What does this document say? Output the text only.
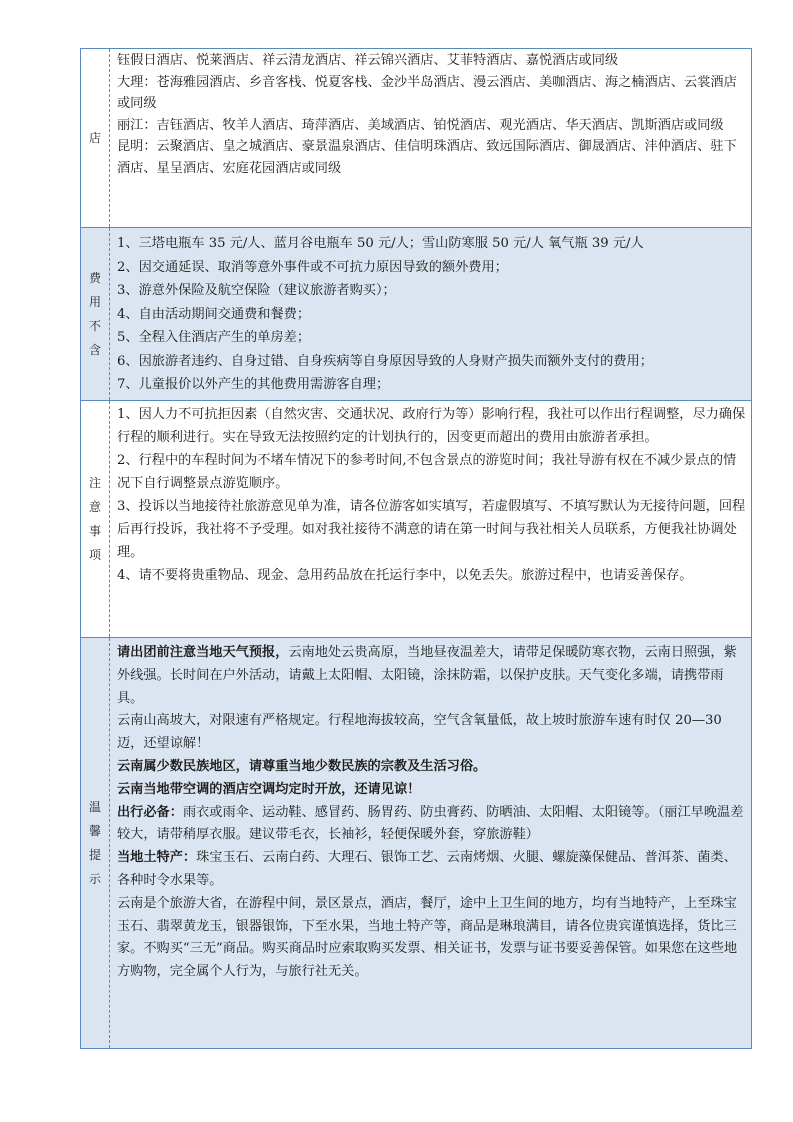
店

钰假日酒店、悦莱酒店、祥云清龙酒店、祥云锦兴酒店、艾菲特酒店、嘉悦酒店或同级

大理：苍海雅园酒店、乡音客栈、悦夏客栈、金沙半岛酒店、漫云酒店、美咖酒店、海之楠酒店、云裳酒店或同级

丽江：吉钰酒店、牧羊人酒店、琦萍酒店、美域酒店、铂悦酒店、观光酒店、华天酒店、凯斯酒店或同级

昆明：云聚酒店、皇之城酒店、豪景温泉酒店、佳信明珠酒店、致远国际酒店、御晟酒店、沣仲酒店、驻下酒店、星呈酒店、宏庭花园酒店或同级

费
用
不
含

1、三塔电瓶车 35 元/人、蓝月谷电瓶车 50 元/人；雪山防寒服 50 元/人 氧气瓶 39 元/人

2、因交通延误、取消等意外事件或不可抗力原因导致的额外费用；

3、游意外保险及航空保险（建议旅游者购买）；

4、自由活动期间交通费和餐费；

5、全程入住酒店产生的单房差；

6、因旅游者违约、自身过错、自身疾病等自身原因导致的人身财产损失而额外支付的费用；

7、儿童报价以外产生的其他费用需游客自理；

注
意
事
项

1、因人力不可抗拒因素（自然灾害、交通状况、政府行为等）影响行程，我社可以作出行程调整，尽力确保行程的顺利进行。实在导致无法按照约定的计划执行的，因变更而超出的费用由旅游者承担。

2、行程中的车程时间为不堵车情况下的参考时间,不包含景点的游览时间；我社导游有权在不减少景点的情况下自行调整景点游览顺序。

3、投诉以当地接待社旅游意见单为准，请各位游客如实填写，若虚假填写、不填写默认为无接待问题，回程后再行投诉，我社将不予受理。如对我社接待不满意的请在第一时间与我社相关人员联系，方便我社协调处理。

4、请不要将贵重物品、现金、急用药品放在托运行李中，以免丢失。旅游过程中，也请妥善保存。

温
馨
提
示

请出团前注意当地天气预报，云南地处云贵高原，当地昼夜温差大，请带足保暖防寒衣物，云南日照强，紫外线强。长时间在户外活动，请戴上太阳帽、太阳镜，涂抹防霜，以保护皮肤。天气变化多端，请携带雨具。

云南山高坡大，对限速有严格规定。行程地海拔较高，空气含氧量低，故上坡时旅游车速有时仅 20—30 迈，还望谅解！

云南属少数民族地区，请尊重当地少数民族的宗教及生活习俗。

云南当地带空调的酒店空调均定时开放，还请见谅！

出行必备：雨衣或雨伞、运动鞋、感冒药、肠胃药、防虫膏药、防晒油、太阳帽、太阳镜等。（丽江早晚温差较大，请带稍厚衣服。建议带毛衣，长袖衫，轻便保暖外套，穿旅游鞋）

当地土特产：珠宝玉石、云南白药、大理石、银饰工艺、云南烤烟、火腿、螺旋藻保健品、普洱茶、菌类、各种时令水果等。

云南是个旅游大省，在游程中间，景区景点，酒店，餐厅，途中上卫生间的地方，均有当地特产，上至珠宝玉石、翡翠黄龙玉，银器银饰，下至水果，当地土特产等，商品是琳琅满目，请各位贵宾谨慎选择，货比三家。不购买“三无”商品。购买商品时应索取购买发票、相关证书，发票与证书要妥善保管。如果您在这些地方购物，完全属个人行为，与旅行社无关。
